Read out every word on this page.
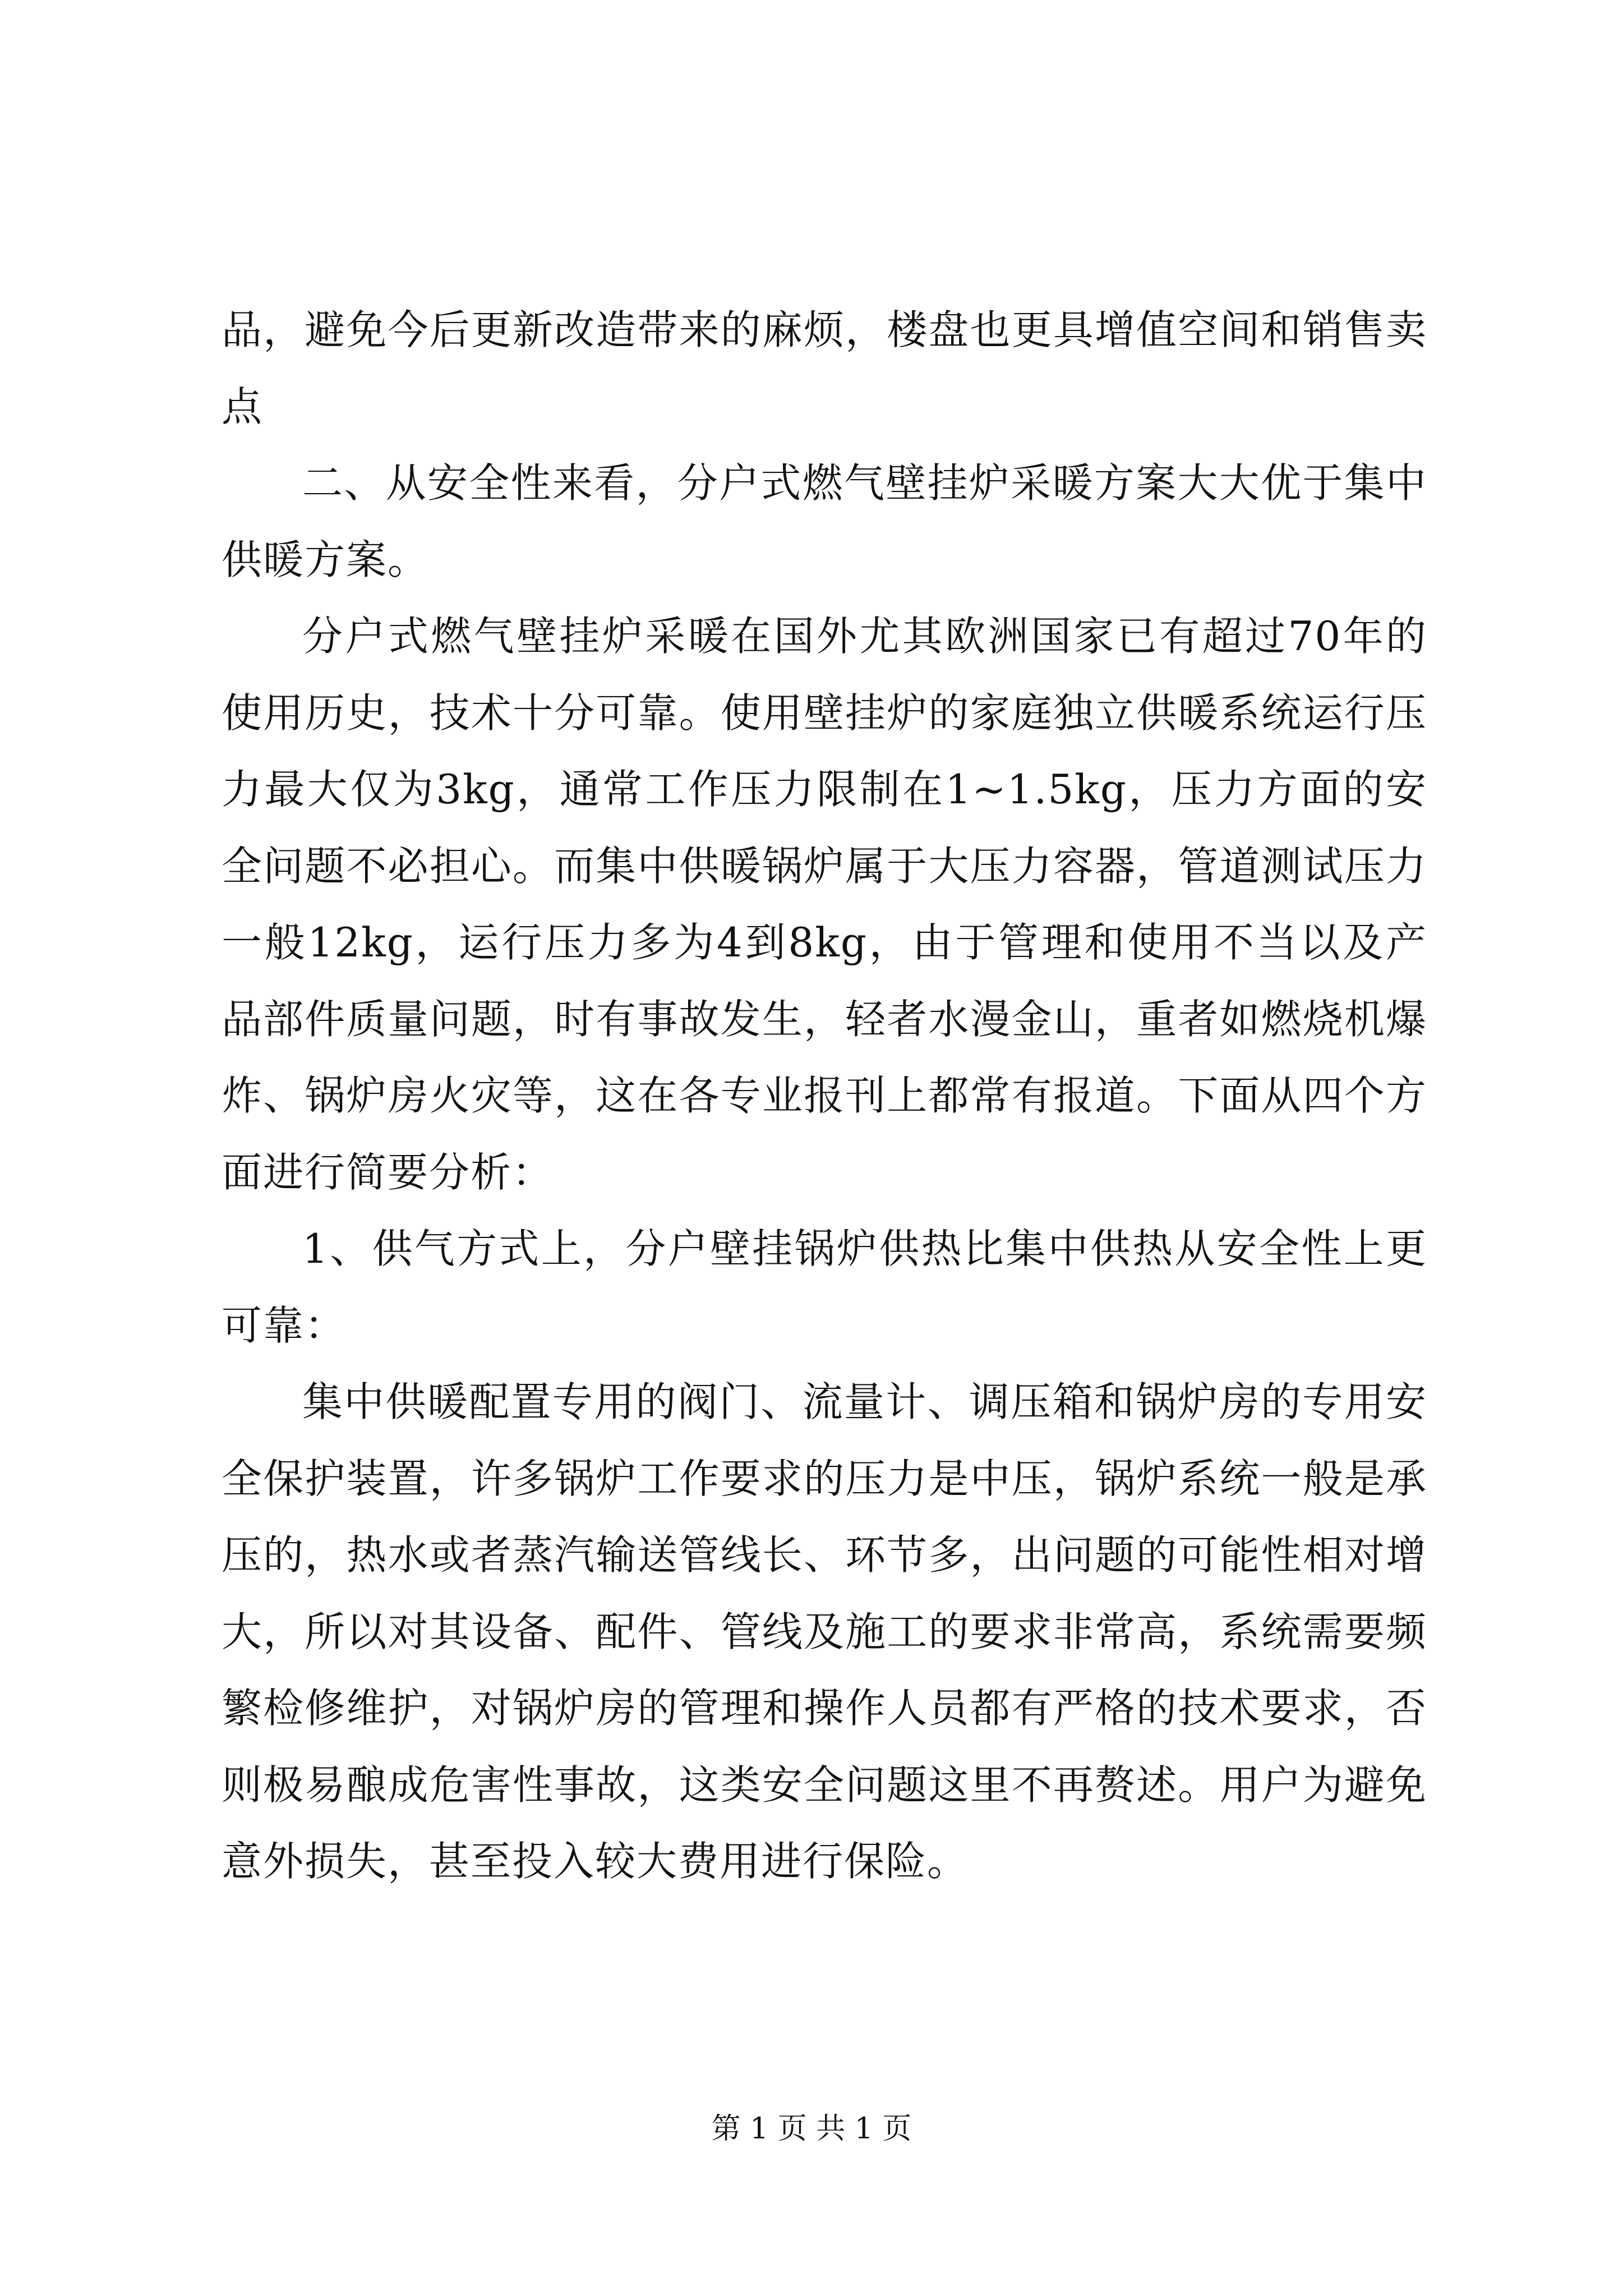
品，避免今后更新改造带来的麻烦，楼盘也更具增值空间和销售卖点

二、从安全性来看，分户式燃气壁挂炉采暖方案大大优于集中供暖方案。

分户式燃气壁挂炉采暖在国外尤其欧洲国家已有超过70年的使用历史，技术十分可靠。使用壁挂炉的家庭独立供暖系统运行压力最大仅为3kg，通常工作压力限制在1~1.5kg，压力方面的安全问题不必担心。而集中供暖锅炉属于大压力容器，管道测试压力一般12kg，运行压力多为4到8kg，由于管理和使用不当以及产品部件质量问题，时有事故发生，轻者水漫金山，重者如燃烧机爆炸、锅炉房火灾等，这在各专业报刊上都常有报道。下面从四个方面进行简要分析：

1、供气方式上，分户壁挂锅炉供热比集中供热从安全性上更可靠：

集中供暖配置专用的阀门、流量计、调压箱和锅炉房的专用安全保护装置，许多锅炉工作要求的压力是中压，锅炉系统一般是承压的，热水或者蒸汽输送管线长、环节多，出问题的可能性相对增大，所以对其设备、配件、管线及施工的要求非常高，系统需要频繁检修维护，对锅炉房的管理和操作人员都有严格的技术要求，否则极易酿成危害性事故，这类安全问题这里不再赘述。用户为避免意外损失，甚至投入较大费用进行保险。

第 1 页 共 1 页
